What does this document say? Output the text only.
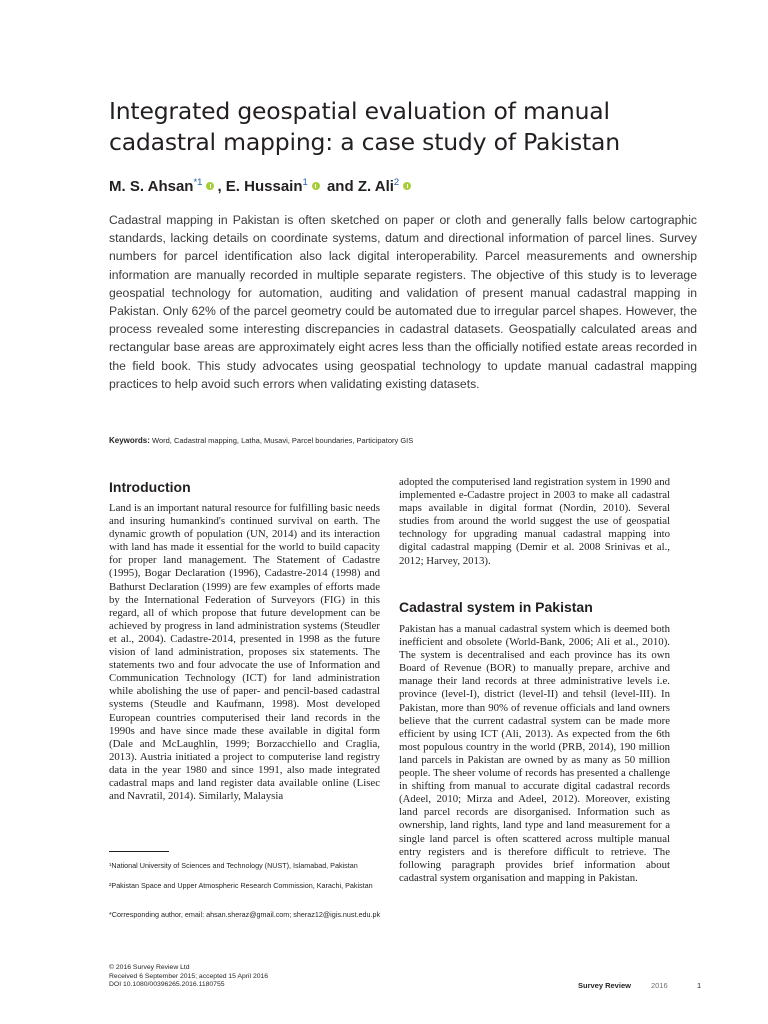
Integrated geospatial evaluation of manual cadastral mapping: a case study of Pakistan
M. S. Ahsan$^{*1}$ , E. Hussain$^1$ and Z. Ali$^2$

Cadastral mapping in Pakistan is often sketched on paper or cloth and generally falls below cartographic standards, lacking details on coordinate systems, datum and directional information of parcel lines. Survey numbers for parcel identification also lack digital interoperability. Parcel measurements and ownership information are manually recorded in multiple separate registers. The objective of this study is to leverage geospatial technology for automation, auditing and validation of present manual cadastral mapping in Pakistan. Only 62% of the parcel geometry could be automated due to irregular parcel shapes. However, the process revealed some interesting discrepancies in cadastral datasets. Geospatially calculated areas and rectangular base areas are approximately eight acres less than the officially notified estate areas recorded in the field book. This study advocates using geospatial technology to update manual cadastral mapping practices to help avoid such errors when validating existing datasets.

Keywords: Word, Cadastral mapping, Latha, Musavi, Parcel boundaries, Participatory GIS
Introduction

Land is an important natural resource for fulfilling basic needs and insuring humankind's continued survival on earth. The dynamic growth of population (UN, 2014) and its interaction with land has made it essential for the world to build capacity for proper land management. The Statement of Cadastre (1995), Bogar Declaration (1996), Cadastre-2014 (1998) and Bathurst Declaration (1999) are few examples of efforts made by the International Federation of Surveyors (FIG) in this regard, all of which propose that future development can be achieved by progress in land administration systems (Steudler et al., 2004). Cadastre-2014, presented in 1998 as the future vision of land administration, proposes six statements. The statements two and four advocate the use of Information and Communication Technology (ICT) for land administration while abolishing the use of paper- and pencil-based cadastral systems (Steudle and Kaufmann, 1998). Most developed European countries computerised their land records in the 1990s and have since made these available in digital form (Dale and McLaughlin, 1999; Borzacchiello and Craglia, 2013). Austria initiated a project to computerise land registry data in the year 1980 and since 1991, also made integrated cadastral maps and land register data available online (Lisec and Navratil, 2014). Similarly, Malaysia

adopted the computerised land registration system in 1990 and implemented e-Cadastre project in 2003 to make all cadastral maps available in digital format (Nordin, 2010). Several studies from around the world suggest the use of geospatial technology for upgrading manual cadastral mapping into digital cadastral mapping (Demir et al. 2008 Srinivas et al., 2012; Harvey, 2013).

Cadastral system in Pakistan

Pakistan has a manual cadastral system which is deemed both inefficient and obsolete (World-Bank, 2006; Ali et al., 2010). The system is decentralised and each province has its own Board of Revenue (BOR) to manually prepare, archive and manage their land records at three administrative levels i.e. province (level-I), district (level-II) and tehsil (level-III). In Pakistan, more than 90% of revenue officials and land owners believe that the current cadastral system can be made more efficient by using ICT (Ali, 2013). As expected from the 6th most populous country in the world (PRB, 2014), 190 million land parcels in Pakistan are owned by as many as 50 million people. The sheer volume of records has presented a challenge in shifting from manual to accurate digital cadastral records (Adeel, 2010; Mirza and Adeel, 2012). Moreover, existing land parcel records are disorganised. Information such as ownership, land rights, land type and land measurement for a single land parcel is often scattered across multiple manual entry registers and is therefore difficult to retrieve. The following paragraph provides brief information about cadastral system organisation and mapping in Pakistan.

¹National University of Sciences and Technology (NUST), Islamabad, Pakistan
²Pakistan Space and Upper Atmospheric Research Commission, Karachi, Pakistan
*Corresponding author, email: ahsan.sheraz@gmail.com; sheraz12@igis.nust.edu.pk
© 2016 Survey Review Ltd
Received 6 September 2015; accepted 15 April 2016
DOI 10.1080/00396265.2016.1180755	Survey Review	2016	1
